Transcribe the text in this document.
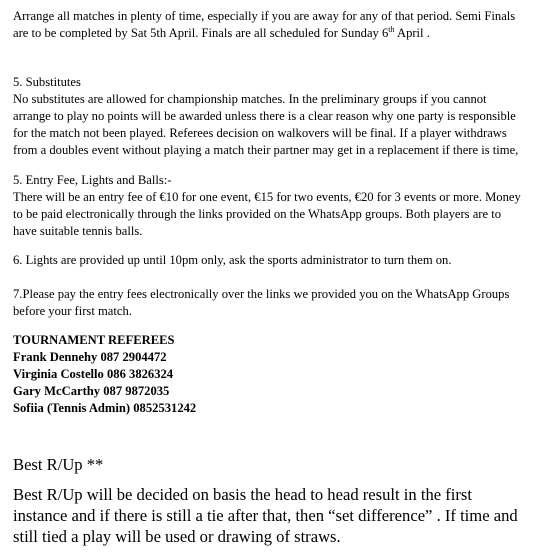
Arrange all matches in plenty of time, especially if you are away for any of that period. Semi Finals
are to be completed by Sat 5th April. Finals are all scheduled for Sunday 6th April .
5. Substitutes
No substitutes are allowed for championship matches. In the preliminary groups if you cannot
arrange to play no points will be awarded unless there is a clear reason why one party is responsible
for the match not been played. Referees decision on walkovers will be final. If a player withdraws
from a doubles event without playing a match their partner may get in a replacement if there is time,
5. Entry Fee, Lights and Balls:-
There will be an entry fee of €10 for one event, €15 for two events, €20 for 3 events or more. Money
to be paid electronically through the links provided on the WhatsApp groups. Both players are to
have suitable tennis balls.
6. Lights are provided up until 10pm only, ask the sports administrator to turn them on.
7.Please pay the entry fees electronically over the links we provided you on the WhatsApp Groups
before your first match.
TOURNAMENT REFEREES
Frank Dennehy 087 2904472
Virginia Costello 086 3826324
Gary McCarthy 087 9872035
Sofiia (Tennis Admin) 0852531242
Best R/Up **
Best R/Up will be decided on basis the head to head result in the first
instance and if there is still a tie after that, then “set difference” . If time and
still tied a play will be used or drawing of straws.
